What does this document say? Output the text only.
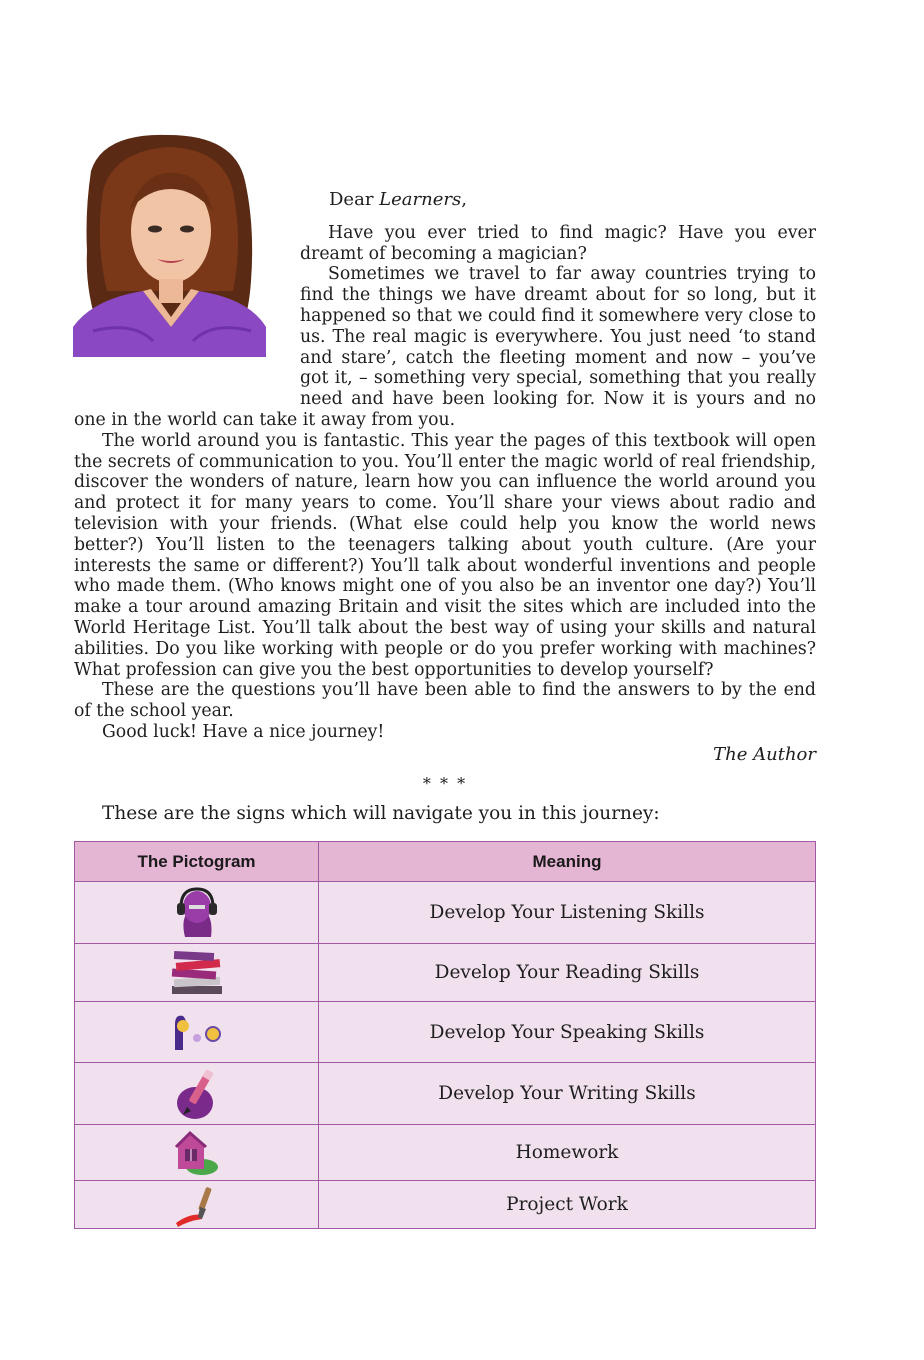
Dear Learners,

Have you ever tried to find magic? Have you ever dreamt of becoming a magician?

Sometimes we travel to far away countries trying to find the things we have dreamt about for so long, but it happened so that we could find it somewhere very close to us. The real magic is everywhere. You just need ‘to stand and stare’, catch the fleeting moment and now – you’ve got it, – something very special, something that you really need and have been looking for. Now it is yours and no one in the world can take it away from you.

The world around you is fantastic. This year the pages of this textbook will open the secrets of communication to you. You’ll enter the magic world of real friendship, discover the wonders of nature, learn how you can influence the world around you and protect it for many years to come. You’ll share your views about radio and television with your friends. (What else could help you know the world news better?) You’ll listen to the teenagers talking about youth culture. (Are your interests the same or different?) You’ll talk about wonderful inventions and people who made them. (Who knows might one of you also be an inventor one day?) You’ll make a tour around amazing Britain and visit the sites which are included into the World Heritage List. You’ll talk about the best way of using your skills and natural abilities. Do you like working with people or do you prefer working with machines? What profession can give you the best opportunities to develop yourself?

These are the questions you’ll have been able to find the answers to by the end of the school year.

Good luck! Have a nice journey!

The Author
* * *
These are the signs which will navigate you in this journey:
The Pictogram	Meaning

	Develop Your Listening Skills

	Develop Your Reading Skills

	Develop Your Speaking Skills

	Develop Your Writing Skills

	Homework

	Project Work
